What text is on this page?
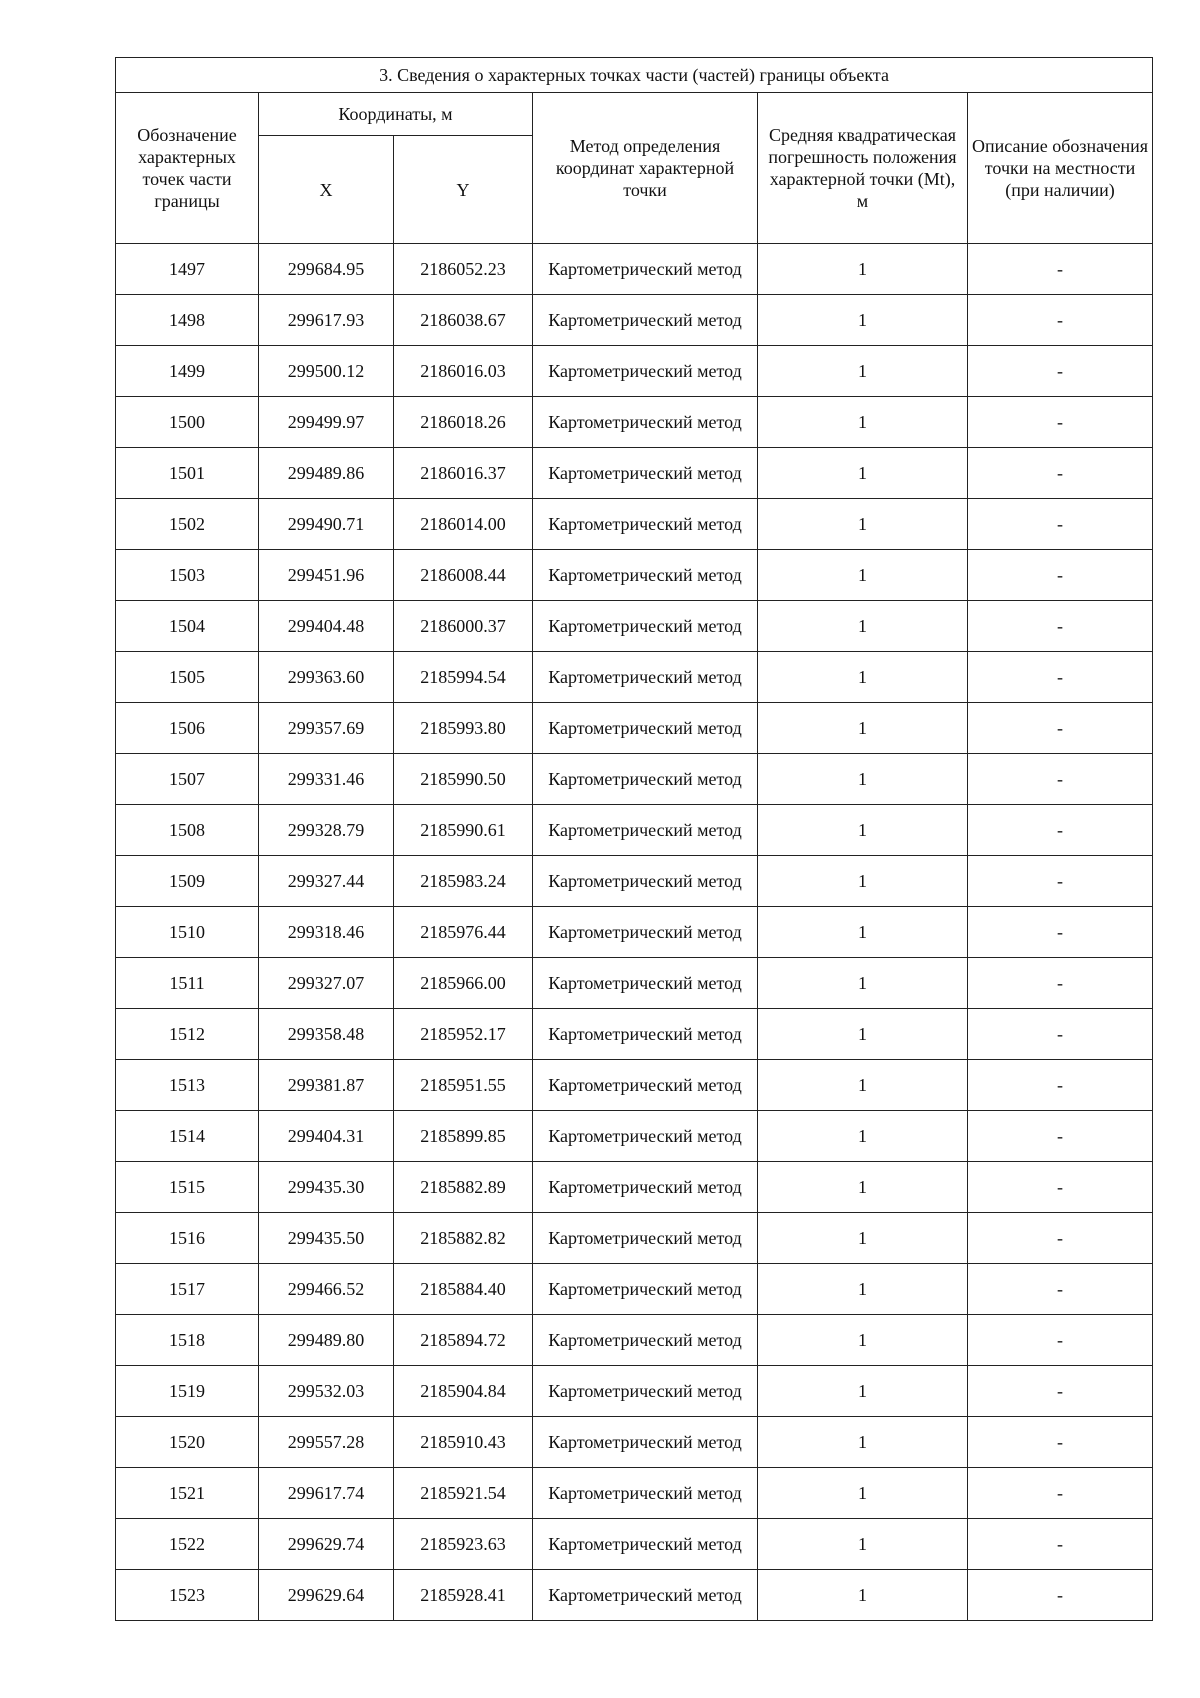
3. Сведения о характерных точках части (частей) границы объекта					
Обозначение характерных точек части границы	Координаты, м		Метод определения координат характерной точки	Средняя квадратическая погрешность положения характерной точки (Mt), м	Описание обозначения точки на местности (при наличии)
	X	Y			
1497	299684.95	2186052.23	Картометрический метод	1	-
1498	299617.93	2186038.67	Картометрический метод	1	-
1499	299500.12	2186016.03	Картометрический метод	1	-
1500	299499.97	2186018.26	Картометрический метод	1	-
1501	299489.86	2186016.37	Картометрический метод	1	-
1502	299490.71	2186014.00	Картометрический метод	1	-
1503	299451.96	2186008.44	Картометрический метод	1	-
1504	299404.48	2186000.37	Картометрический метод	1	-
1505	299363.60	2185994.54	Картометрический метод	1	-
1506	299357.69	2185993.80	Картометрический метод	1	-
1507	299331.46	2185990.50	Картометрический метод	1	-
1508	299328.79	2185990.61	Картометрический метод	1	-
1509	299327.44	2185983.24	Картометрический метод	1	-
1510	299318.46	2185976.44	Картометрический метод	1	-
1511	299327.07	2185966.00	Картометрический метод	1	-
1512	299358.48	2185952.17	Картометрический метод	1	-
1513	299381.87	2185951.55	Картометрический метод	1	-
1514	299404.31	2185899.85	Картометрический метод	1	-
1515	299435.30	2185882.89	Картометрический метод	1	-
1516	299435.50	2185882.82	Картометрический метод	1	-
1517	299466.52	2185884.40	Картометрический метод	1	-
1518	299489.80	2185894.72	Картометрический метод	1	-
1519	299532.03	2185904.84	Картометрический метод	1	-
1520	299557.28	2185910.43	Картометрический метод	1	-
1521	299617.74	2185921.54	Картометрический метод	1	-
1522	299629.74	2185923.63	Картометрический метод	1	-
1523	299629.64	2185928.41	Картометрический метод	1	-
